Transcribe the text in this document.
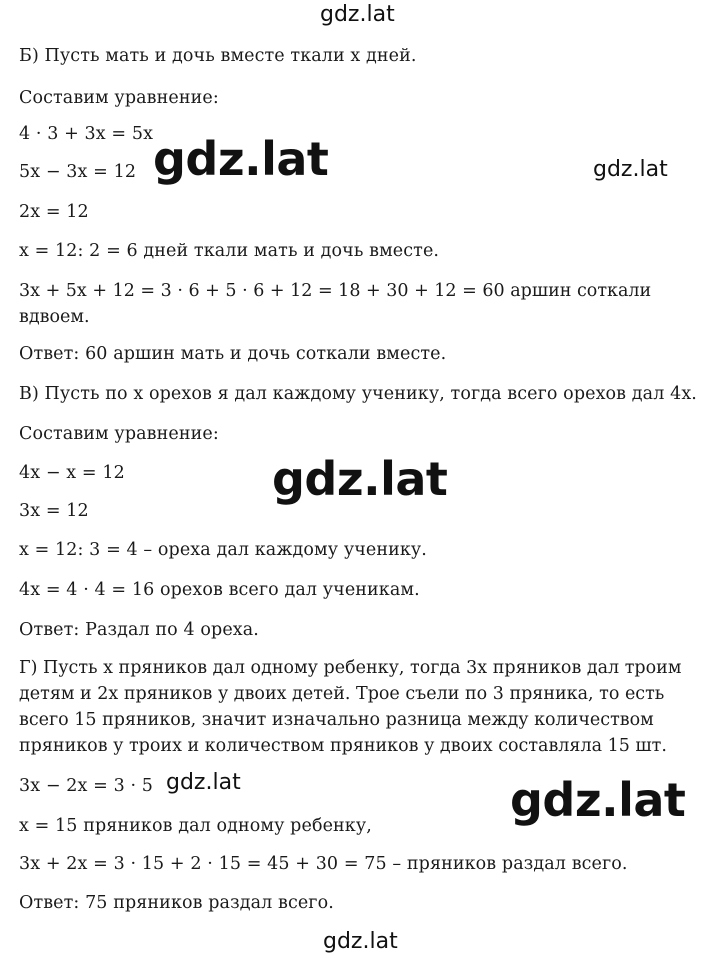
gdz.lat

Б) Пусть мать и дочь вместе ткали x дней.

Составим уравнение:

4 · 3 + 3x = 5x

5x − 3x = 12 gdz.lat	gdz.lat

2x = 12

x = 12: 2 = 6 дней ткали мать и дочь вместе.

3x + 5x + 12 = 3 · 6 + 5 · 6 + 12 = 18 + 30 + 12 = 60 аршин соткали вдвоем.

Ответ: 60 аршин мать и дочь соткали вместе.

В) Пусть по x орехов я дал каждому ученику, тогда всего орехов дал 4x.

Составим уравнение:

4x − x = 12	gdz.lat

3x = 12

x = 12: 3 = 4 – ореха дал каждому ученику.

4x = 4 · 4 = 16 орехов всего дал ученикам.

Ответ: Раздал по 4 ореха.

Г) Пусть x пряников дал одному ребенку, тогда 3x пряников дал троим детям и 2x пряников у двоих детей. Трое съели по 3 пряника, то есть всего 15 пряников, значит изначально разница между количеством пряников у троих и количеством пряников у двоих составляла 15 шт.

3x − 2x = 3 · 5 gdz.lat	gdz.lat

x = 15 пряников дал одному ребенку,

3x + 2x = 3 · 15 + 2 · 15 = 45 + 30 = 75 – пряников раздал всего.

Ответ: 75 пряников раздал всего.

gdz.lat
